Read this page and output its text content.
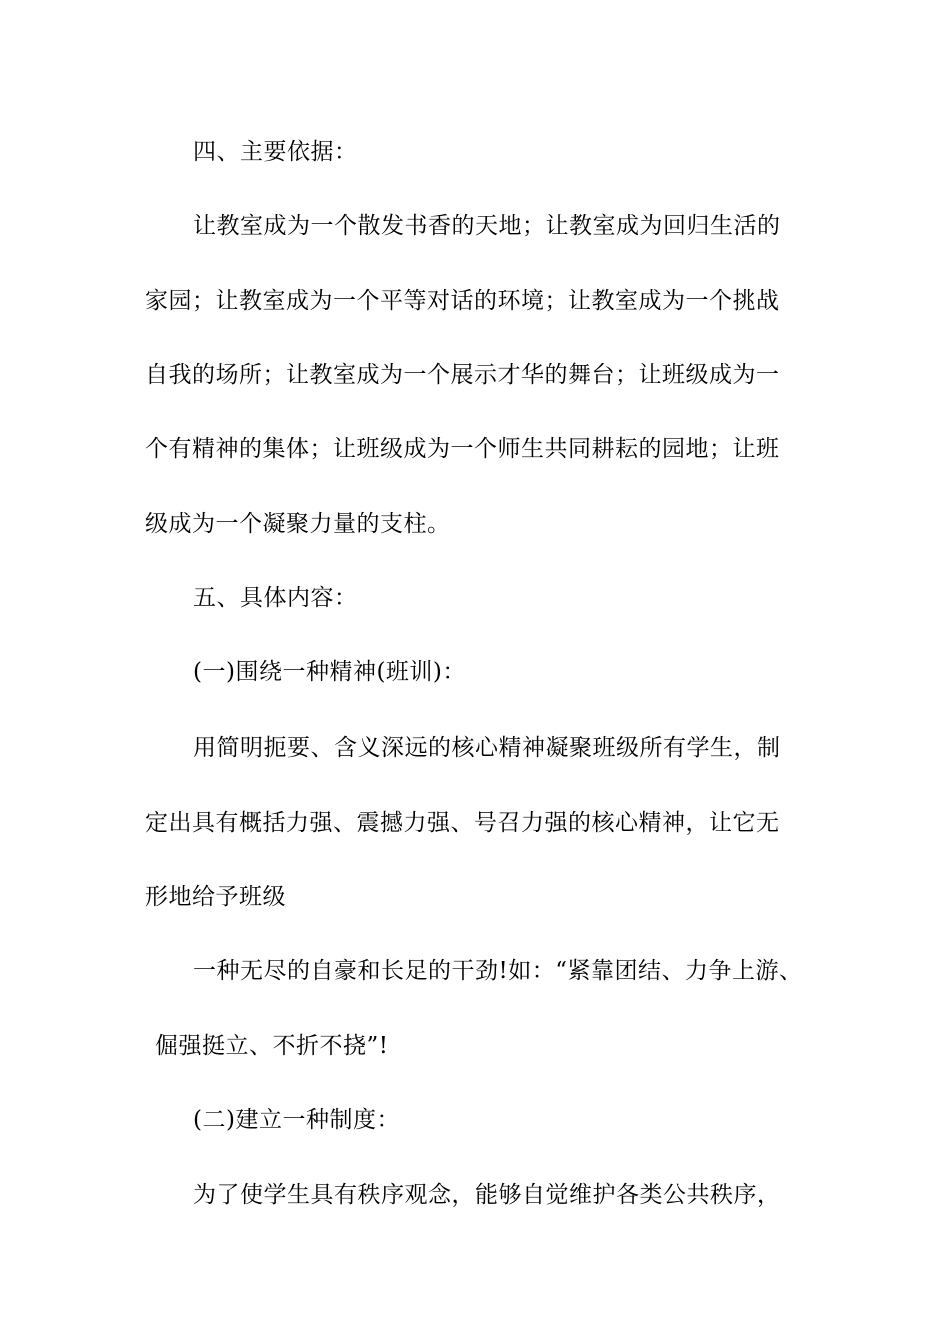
四、主要依据：
让教室成为一个散发书香的天地；让教室成为回归生活的
家园；让教室成为一个平等对话的环境；让教室成为一个挑战
自我的场所；让教室成为一个展示才华的舞台；让班级成为一
个有精神的集体；让班级成为一个师生共同耕耘的园地；让班
级成为一个凝聚力量的支柱。
五、具体内容：
(一)围绕一种精神(班训)：
用简明扼要、含义深远的核心精神凝聚班级所有学生，制
定出具有概括力强、震撼力强、号召力强的核心精神，让它无
形地给予班级
一种无尽的自豪和长足的干劲!如：“紧靠团结、力争上游、
倔强挺立、不折不挠”!
(二)建立一种制度：
为了使学生具有秩序观念，能够自觉维护各类公共秩序，
